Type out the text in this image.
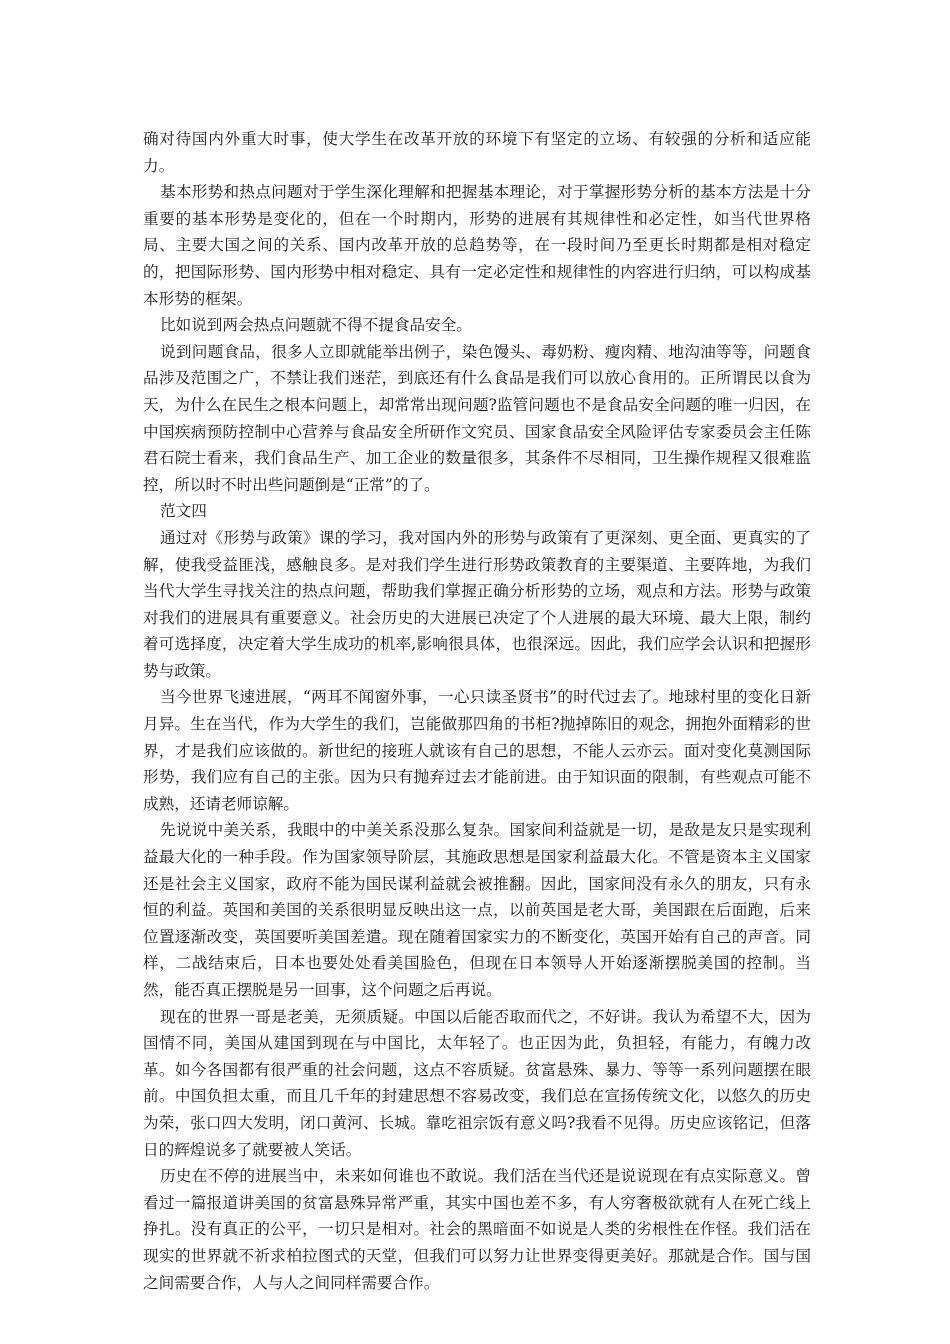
确对待国内外重大时事，使大学生在改革开放的环境下有坚定的立场、有较强的分析和适应能力。

基本形势和热点问题对于学生深化理解和把握基本理论，对于掌握形势分析的基本方法是十分重要的基本形势是变化的，但在一个时期内，形势的进展有其规律性和必定性，如当代世界格局、主要大国之间的关系、国内改革开放的总趋势等，在一段时间乃至更长时期都是相对稳定的，把国际形势、国内形势中相对稳定、具有一定必定性和规律性的内容进行归纳，可以构成基本形势的框架。

比如说到两会热点问题就不得不提食品安全。

说到问题食品，很多人立即就能举出例子，染色馒头、毒奶粉、瘦肉精、地沟油等等，问题食品涉及范围之广，不禁让我们迷茫，到底还有什么食品是我们可以放心食用的。正所谓民以食为天，为什么在民生之根本问题上，却常常出现问题?监管问题也不是食品安全问题的唯一归因，在中国疾病预防控制中心营养与食品安全所研作文究员、国家食品安全风险评估专家委员会主任陈君石院士看来，我们食品生产、加工企业的数量很多，其条件不尽相同，卫生操作规程又很难监控，所以时不时出些问题倒是“正常”的了。

范文四

通过对《形势与政策》课的学习，我对国内外的形势与政策有了更深刻、更全面、更真实的了解，使我受益匪浅，感触良多。是对我们学生进行形势政策教育的主要渠道、主要阵地，为我们当代大学生寻找关注的热点问题，帮助我们掌握正确分析形势的立场，观点和方法。形势与政策对我们的进展具有重要意义。社会历史的大进展已决定了个人进展的最大环境、最大上限，制约着可选择度，决定着大学生成功的机率,影响很具体，也很深远。因此，我们应学会认识和把握形势与政策。

当今世界飞速进展，“两耳不闻窗外事，一心只读圣贤书”的时代过去了。地球村里的变化日新月异。生在当代，作为大学生的我们，岂能做那四角的书柜?抛掉陈旧的观念，拥抱外面精彩的世界，才是我们应该做的。新世纪的接班人就该有自己的思想，不能人云亦云。面对变化莫测国际形势，我们应有自己的主张。因为只有抛弃过去才能前进。由于知识面的限制，有些观点可能不成熟，还请老师谅解。

先说说中美关系，我眼中的中美关系没那么复杂。国家间利益就是一切，是敌是友只是实现利益最大化的一种手段。作为国家领导阶层，其施政思想是国家利益最大化。不管是资本主义国家还是社会主义国家，政府不能为国民谋利益就会被推翻。因此，国家间没有永久的朋友，只有永恒的利益。英国和美国的关系很明显反映出这一点，以前英国是老大哥，美国跟在后面跑，后来位置逐渐改变，英国要听美国差遣。现在随着国家实力的不断变化，英国开始有自己的声音。同样，二战结束后，日本也要处处看美国脸色，但现在日本领导人开始逐渐摆脱美国的控制。当然，能否真正摆脱是另一回事，这个问题之后再说。

现在的世界一哥是老美，无须质疑。中国以后能否取而代之，不好讲。我认为希望不大，因为国情不同，美国从建国到现在与中国比，太年轻了。也正因为此，负担轻，有能力，有魄力改革。如今各国都有很严重的社会问题，这点不容质疑。贫富悬殊、暴力、等等一系列问题摆在眼前。中国负担太重，而且几千年的封建思想不容易改变，我们总在宣扬传统文化，以悠久的历史为荣，张口四大发明，闭口黄河、长城。靠吃祖宗饭有意义吗?我看不见得。历史应该铭记，但落日的辉煌说多了就要被人笑话。

历史在不停的进展当中，未来如何谁也不敢说。我们活在当代还是说说现在有点实际意义。曾看过一篇报道讲美国的贫富悬殊异常严重，其实中国也差不多，有人穷奢极欲就有人在死亡线上挣扎。没有真正的公平，一切只是相对。社会的黑暗面不如说是人类的劣根性在作怪。我们活在现实的世界就不祈求柏拉图式的天堂，但我们可以努力让世界变得更美好。那就是合作。国与国之间需要合作，人与人之间同样需要合作。
